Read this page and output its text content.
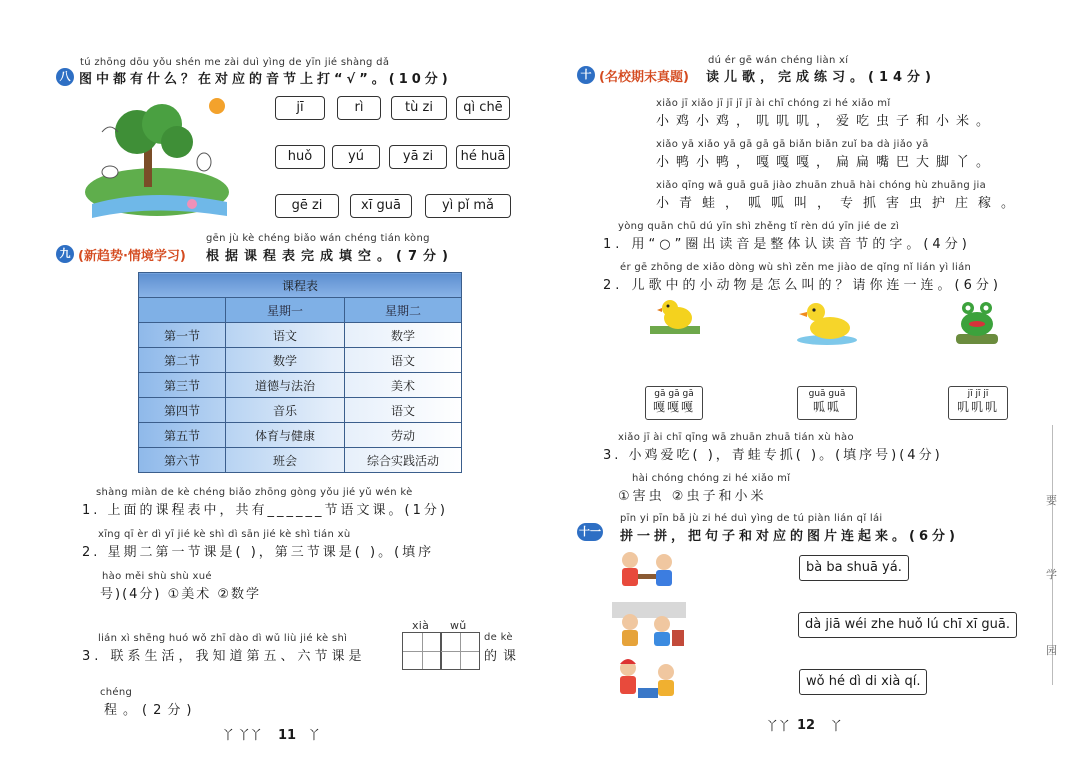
八
tú zhōng dōu yǒu shén me zài duì yìng de yīn jié shàng dǎ
图中都有什么？在对应的音节上打“√”。(10分)
jī	rì	tù zi	qì chē
huǒ	yú	yā zi	hé huā
gē zi	xī guā	yì pǐ mǎ
九 (新趋势·情境学习)
gēn jù kè chéng biǎo wán chéng tián kòng
根据课程表完成填空。(7分)
课程表		
	星期一	星期二
第一节	语文	数学
第二节	数学	语文
第三节	道德与法治	美术
第四节	音乐	语文
第五节	体育与健康	劳动
第六节	班会	综合实践活动
shàng miàn de kè chéng biǎo zhōng gòng yǒu jié yǔ wén kè
1. 上面的课程表中，共有______节语文课。(1分)
xīng qī èr dì yī jié kè shì dì sān jié kè shì tián xù
2. 星期二第一节课是( )，第三节课是( )。(填序
hào měi shù shù xué
号)(4分) ①美术 ②数学
lián xì shēng huó wǒ zhī dào dì wǔ liù jié kè shì
3. 联系生活，我知道第五、六节课是
xià wǔ
de kè
的课
chéng
程。(2分)
丫 丫丫 11 丫
十 (名校期末真题)
dú ér gē wán chéng liàn xí
读儿歌，完成练习。(14分)
xiǎo jī xiǎo jī jī jī jī ài chī chóng zi hé xiǎo mǐ
小鸡小鸡，叽叽叽，爱吃虫子和小米。
xiǎo yā xiǎo yā gā gā gā biǎn biǎn zuǐ ba dà jiǎo yā
小鸭小鸭，嘎嘎嘎，扁扁嘴巴大脚丫。
xiǎo qīng wā guā guā jiào zhuān zhuā hài chóng hù zhuāng jia
小青蛙，呱呱叫，专抓害虫护庄稼。
yòng quān chū dú yīn shì zhěng tǐ rèn dú yīn jié de zì
1. 用“○”圈出读音是整体认读音节的字。(4分)
ér gē zhōng de xiǎo dòng wù shì zěn me jiào de qǐng nǐ lián yì lián
2. 儿歌中的小动物是怎么叫的？请你连一连。(6分)
gā gā gā
嘎嘎嘎
guā guā
呱呱
jī jī jī
叽叽叽
xiǎo jī ài chī qīng wā zhuān zhuā tián xù hào
3. 小鸡爱吃( )，青蛙专抓( )。(填序号)(4分)
hài chóng chóng zi hé xiǎo mǐ
①害虫 ②虫子和小米
十一
pīn yi pīn bǎ jù zi hé duì yìng de tú piàn lián qǐ lái
拼一拼，把句子和对应的图片连起来。(6分)
bà ba shuā yá.
dà jiā wéi zhe huǒ lú chī xī guā.
wǒ hé dì di xià qí.
丫丫 12 丫
要
学
园
